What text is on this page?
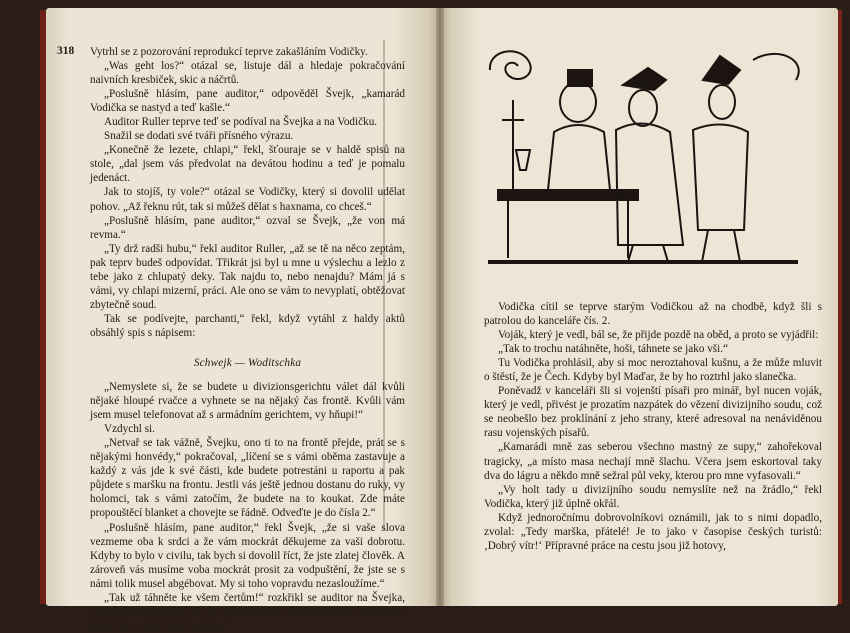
318 Vytrhl se z pozorování reprodukcí teprve zakašláním Vodičky.

„Was geht los?“ otázal se, listuje dál a hledaje pokračování naivních kresbiček, skic a náčrtů.

„Poslušně hlásím, pane auditor,“ odpověděl Švejk, „kamarád Vodička se nastyd a teď kašle.“

Auditor Ruller teprve teď se podíval na Švejka a na Vodičku.

Snažil se dodati své tváři přísného výrazu.

„Konečně že lezete, chlapi,“ řekl, šťouraje se v haldě spisů na stole, „dal jsem vás předvolat na devátou hodinu a teď je pomalu jedenáct.

Jak to stojíš, ty vole?“ otázal se Vodičky, který si dovolil udělat pohov. „Až řeknu rút, tak si můžeš dělat s haxnama, co chceš.“

„Poslušně hlásím, pane auditor,“ ozval se Švejk, „že von má revma.“

„Ty drž radši hubu,“ řekl auditor Ruller, „až se tě na něco zeptám, pak teprv budeš odpovídat. Třikrát jsi byl u mne u výslechu a lezlo z tebe jako z chlupatý deky. Tak najdu to, nebo nenajdu? Mám já s vámi, vy chlapi mizerní, práci. Ale ono se vám to nevyplatí, obtěžovat zbytečně soud.

Tak se podívejte, parchanti,“ řekl, když vytáhl z haldy aktů obsáhlý spis s nápisem:

Schwejk — Woditschka

„Nemyslete si, že se budete u divizionsgerichtu válet dál kvůli nějaké hloupé rvačce a vyhnete se na nějaký čas frontě. Kvůli vám jsem musel telefonovat až s armádním gerichtem, vy hňupi!“

Vzdychl si.

„Netvař se tak vážně, Švejku, ono ti to na frontě přejde, prát se s nějakými honvédy,“ pokračoval, „líčení se s vámi oběma zastavuje a každý z vás jde k své části, kde budete potrestáni u raportu a pak půjdete s maršku na frontu. Jestli vás ještě jednou dostanu do ruky, vy holomci, tak s vámi zatočím, že budete na to koukat. Zde máte propouštěcí blanket a chovejte se řádně. Odveďte je do čísla 2.“

„Poslušně hlásím, pane auditor,“ řekl Švejk, „že si vaše slova vezmeme oba k srdci a že vám mockrát děkujeme za vaši dobrotu. Kdyby to bylo v civilu, tak bych si dovolil říct, že jste zlatej člověk. A zároveň vás musíme voba mockrát prosit za vodpuštění, že jste se s námi tolik musel abgébovat. My si toho vopravdu nezasloužíme.“

„Tak už táhněte ke všem čertům!“ rozkřikl se auditor na Švejka, „nebýt toho, že se za vás oba přimluvil pan obrst Schröder, tak nevím, jak by to s vámi bylo dopadlo.“

Vodička cítil se teprve starým Vodičkou až na chodbě, když šli s patrolou do kanceláře čís. 2.

Voják, který je vedl, bál se, že přijde pozdě na oběd, a proto se vyjádřil:

„Tak to trochu natáhněte, hoši, táhnete se jako vši.“

Tu Vodička prohlásil, aby si moc neroztahoval kušnu, a že může mluvit o štěstí, že je Čech. Kdyby byl Maďar, že by ho roztrhl jako slanečka.

Poněvadž v kanceláři šli si vojenští písaři pro minář, byl nucen voják, který je vedl, přivést je prozatím nazpátek do vězení divizijního soudu, což se neobešlo bez proklínání z jeho strany, které adresoval na nenáviděnou rasu vojenských písařů.

„Kamarádi mně zas seberou všechno mastný ze supy,“ zahořekoval tragicky, „a místo masa nechají mně šlachu. Včera jsem eskortoval taky dva do lágru a někdo mně sežral půl veky, kterou pro mne vyfasovali.“

„Vy holt tady u divizijního soudu nemyslíte než na žrádlo,“ řekl Vodička, který již úplně okřál.

Když jednoročnímu dobrovolníkovi oznámili, jak to s nimi dopadlo, zvolal: „Tedy marška, přátelé! Je to jako v časopise českých turistů: ‚Dobrý vítr!‘ Přípravné práce na cestu jsou již hotovy,
